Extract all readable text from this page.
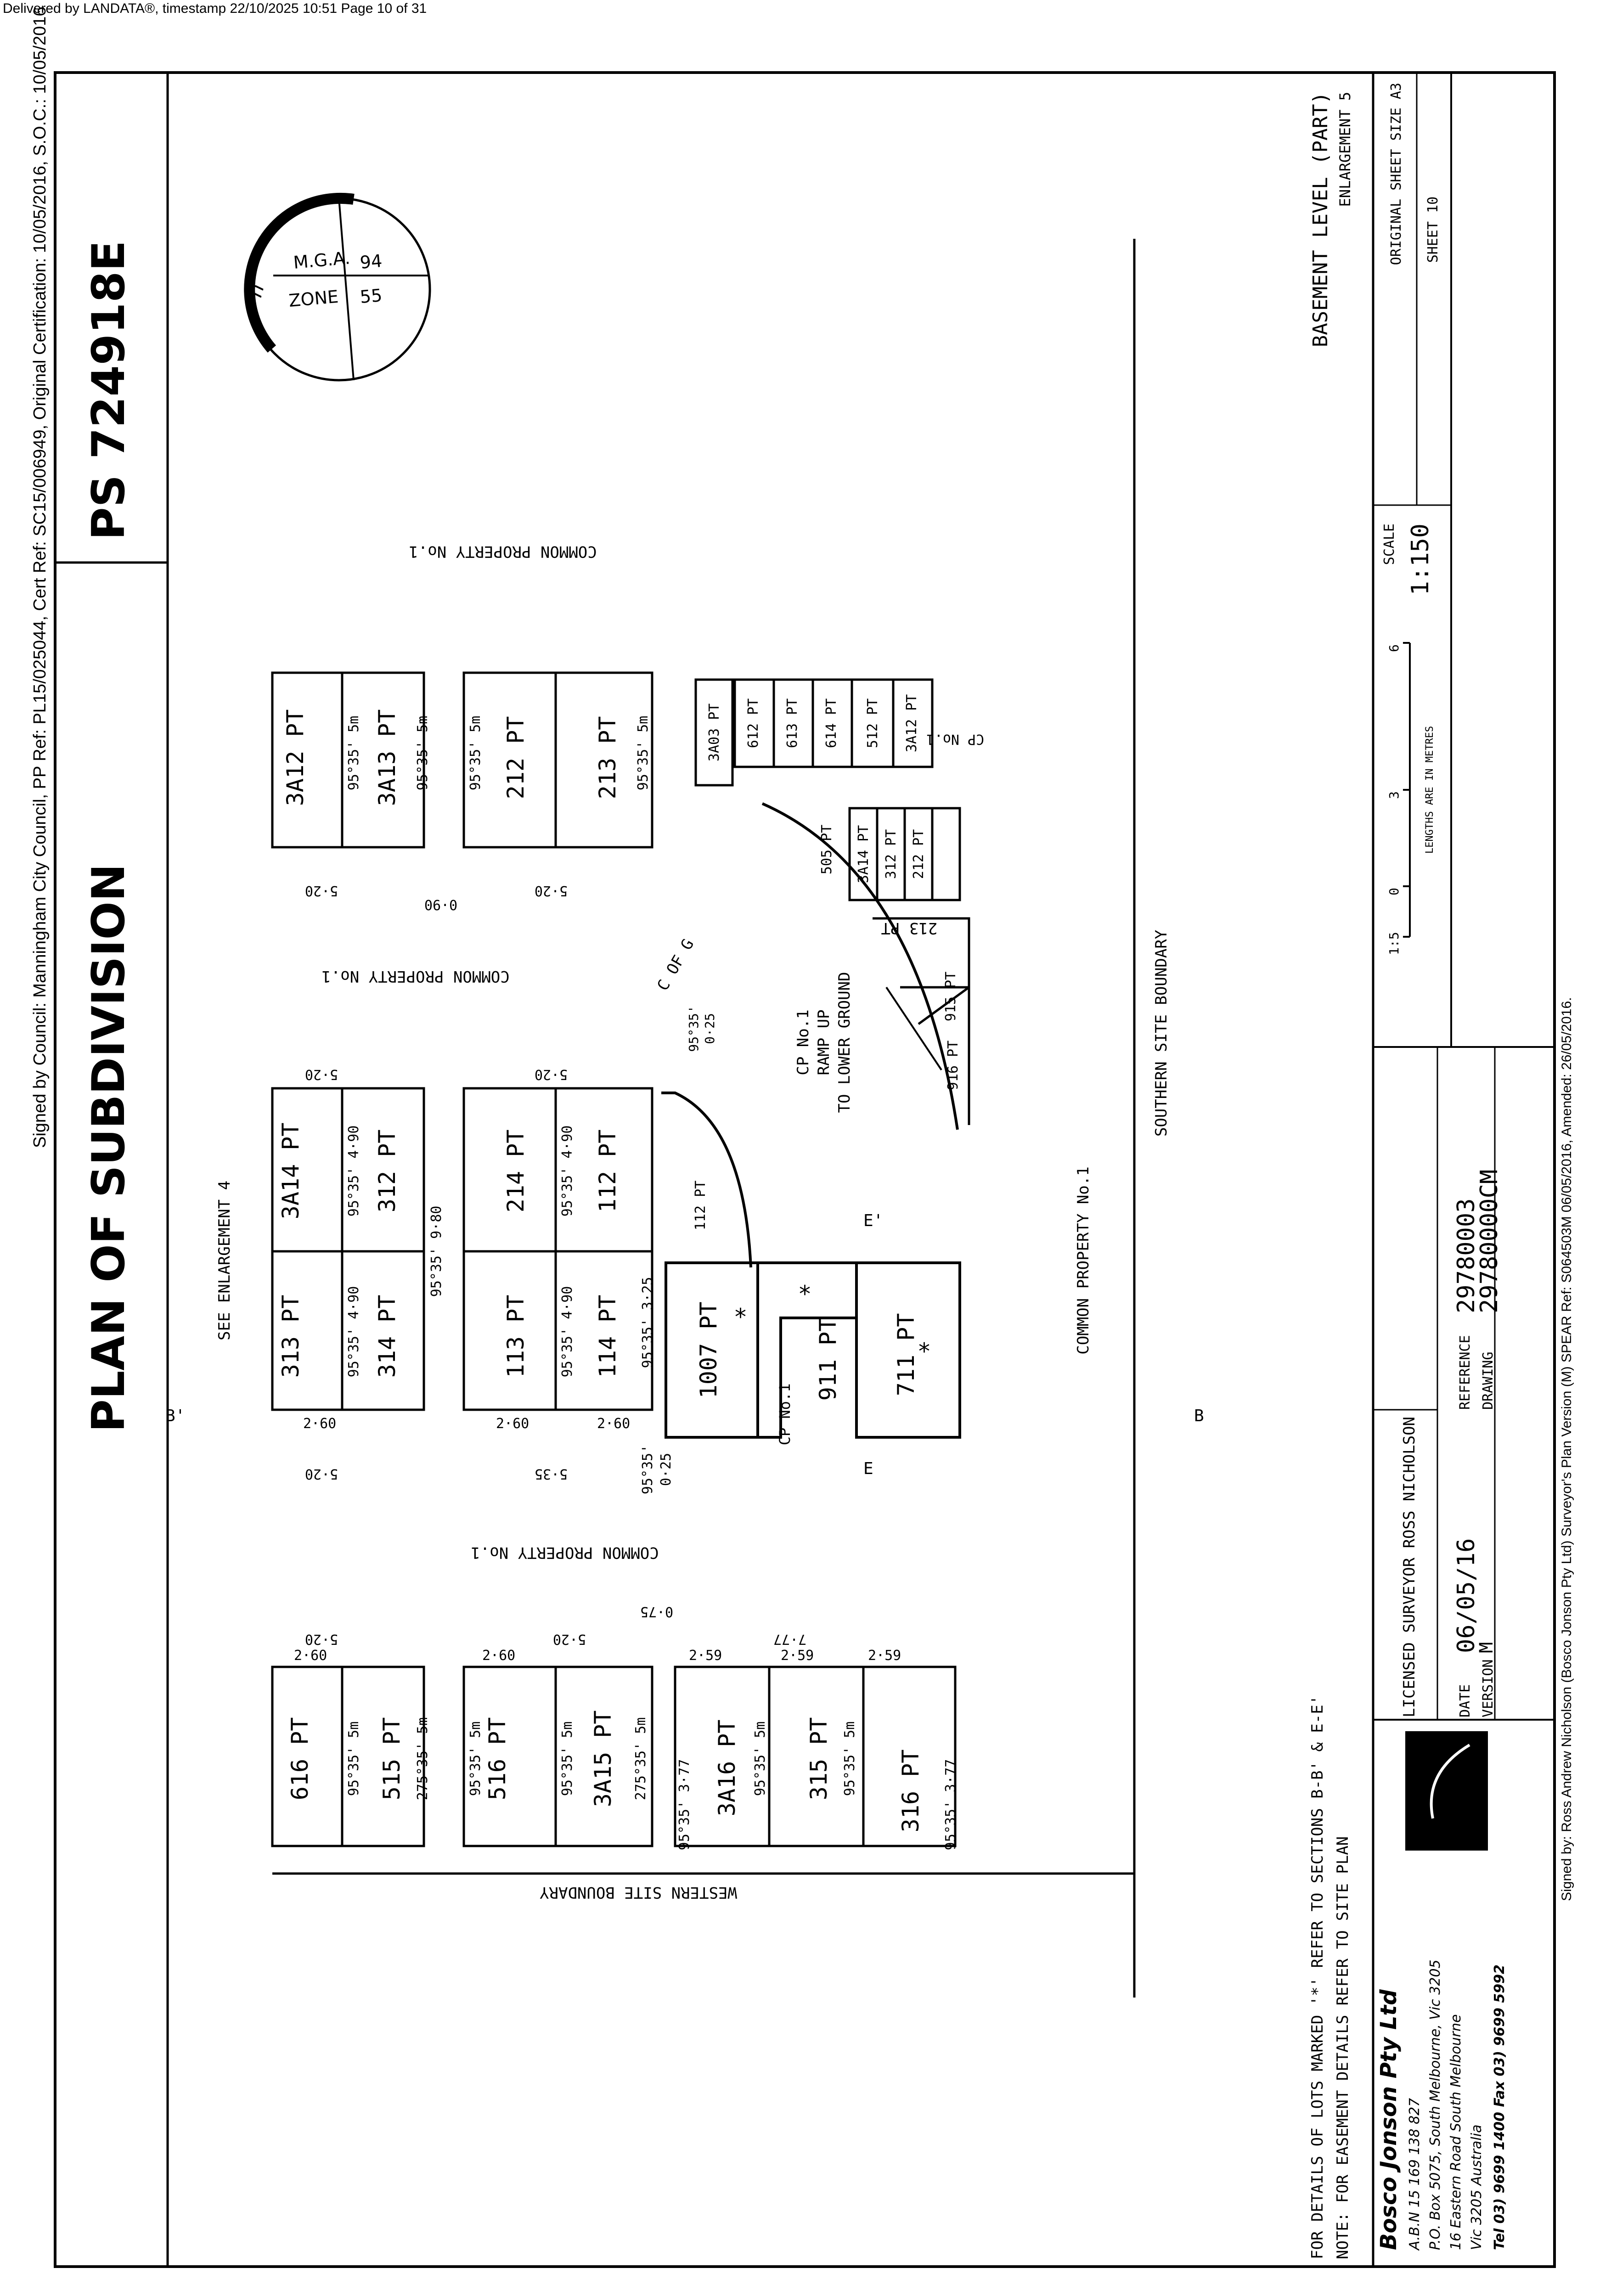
Delivered by LANDATA®, timestamp 22/10/2025 10:51 Page 10 of 31
Signed by Council: Manningham City Council, PP Ref: PL15/025044, Cert Ref: SC15/006949, Original Certification: 10/05/2016, S.O.C.: 10/05/2016
Signed by: Ross Andrew Nicholson (Bosco Jonson Pty Ltd) Surveyor's Plan Version (M) SPEAR Ref: S064503M 06/05/2016, Amended: 26/05/2016.
PLAN OF SUBDIVISION
PS 724918E	M.G.A.
ZONE
94
55
n
WESTERN SITE BOUNDARY
SOUTHERN SITE BOUNDARY
COMMON PROPERTY No.1
COMMON PROPERTY No.1
COMMON PROPERTY No.1
COMMON PROPERTY No.1
SEE ENLARGEMENT 4
616 PT	515 PT	516 PT	3A15 PT	3A16 PT	315 PT	316 PT
95°35' 5m	275°35' 5m	95°35' 5m	95°35' 5m	275°35' 5m	95°35' 5m	95°35' 5m
95°35' 3·77	95°35' 3·77
2·60	2·60	2·59	2·59	2·59
5·20	5·20	7·77
0·75
313 PT	314 PT
3A14 PT	312 PT
113 PT	114 PT
214 PT	112 PT
95°35' 4·90
95°35' 4·90
95°35' 4·90
95°35' 4·90
95°35' 9·80
95°35' 3·25
2·60	2·60	2·60
5·20	5·35
5·20	5·20
95°35' 0·25
3A12 PT	3A13 PT	212 PT	213 PT
95°35' 5m	95°35' 5m	95°35' 5m	95°35' 5m
5·20	5·20
0·90
1007 PT	911 PT 711 PT
*
*
*
CP No.1
112 PT
CP No.1 RAMP UP TO LOWER GROUND
C OF G
95°35' 0·25
3A03 PT 612 PT 613 PT 614 PT 512 PT 3A12 PT
505 PT 3A14 PT 312 PT 212 PT
CP No.1
213 PT
915 PT
916 PT
B'	B
E
E'
FOR DETAILS OF LOTS MARKED '*' REFER TO SECTIONS B-B' & E-E' NOTE: FOR EASEMENT DETAILS REFER TO SITE PLAN
BASEMENT LEVEL (PART) ENLARGEMENT 5	ORIGINAL SHEET SIZE A3 SHEET 10
SCALE 1:150
6
3
0
1:5
LENGTHS ARE IN METRES
LICENSED SURVEYOR ROSS NICHOLSON	DATE
06/05/16
VERSION
M
REFERENCE
29780003
DRAWING
29780000CM
Bosco Jonson Pty Ltd A.B.N 15 169 138 827 P.O. Box 5075, South Melbourne, Vic 3205 16 Eastern Road South Melbourne Vic 3205 Australia Tel 03) 9699 1400 Fax 03) 9699 5992
